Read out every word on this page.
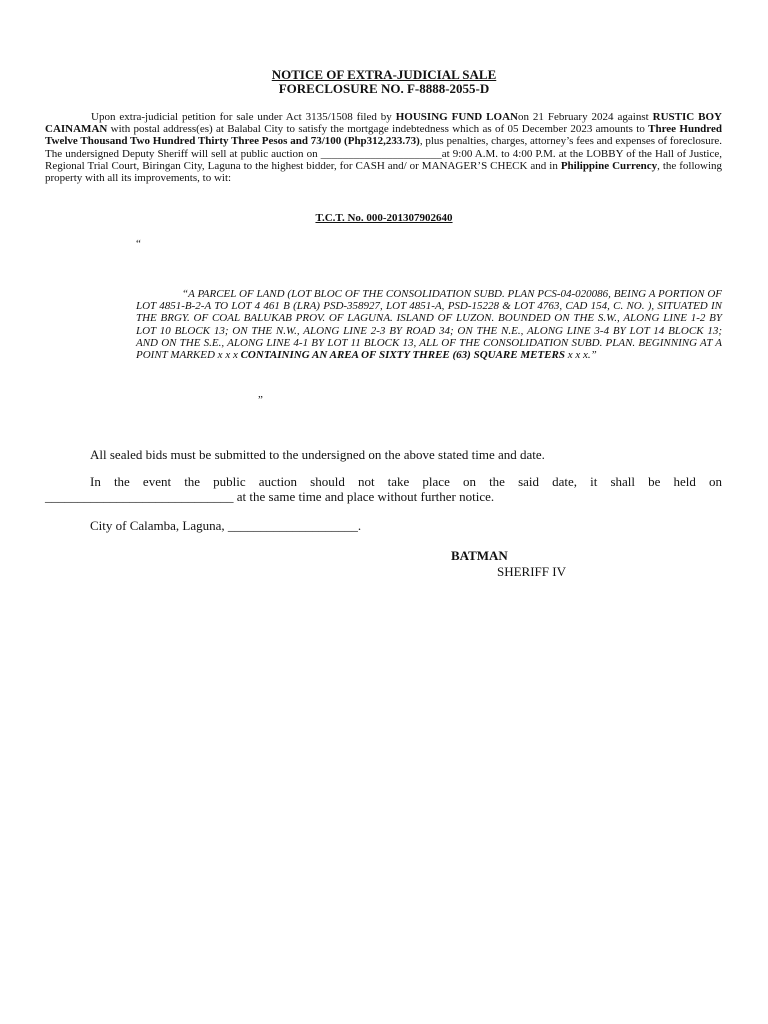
NOTICE OF EXTRA-JUDICIAL SALE
FORECLOSURE NO. F-8888-2055-D
Upon extra-judicial petition for sale under Act 3135/1508 filed by HOUSING FUND LOANon 21 February 2024 against RUSTIC BOY CAINAMAN with postal address(es) at Balabal City to satisfy the mortgage indebtedness which as of 05 December 2023 amounts to Three Hundred Twelve Thousand Two Hundred Thirty Three Pesos and 73/100 (Php312,233.73), plus penalties, charges, attorney’s fees and expenses of foreclosure. The undersigned Deputy Sheriff will sell at public auction on ______________________at 9:00 A.M. to 4:00 P.M. at the LOBBY of the Hall of Justice, Regional Trial Court, Biringan City, Laguna to the highest bidder, for CASH and/ or MANAGER’S CHECK and in Philippine Currency, the following property with all its improvements, to wit:
T.C.T. No. 000-201307902640
“
“A PARCEL OF LAND (LOT BLOC OF THE CONSOLIDATION SUBD. PLAN PCS-04-020086, BEING A PORTION OF LOT 4851-B-2-A TO LOT 4 461 B (LRA) PSD-358927, LOT 4851-A, PSD-15228 & LOT 4763, CAD 154, C. NO. ), SITUATED IN THE BRGY. OF COAL BALUKAB PROV. OF LAGUNA. ISLAND OF LUZON. BOUNDED ON THE S.W., ALONG LINE 1-2 BY LOT 10 BLOCK 13; ON THE N.W., ALONG LINE 2-3 BY ROAD 34; ON THE N.E., ALONG LINE 3-4 BY LOT 14 BLOCK 13; AND ON THE S.E., ALONG LINE 4-1 BY LOT 11 BLOCK 13, ALL OF THE CONSOLIDATION SUBD. PLAN. BEGINNING AT A POINT MARKED x x x CONTAINING AN AREA OF SIXTY THREE (63) SQUARE METERS x x x.”
„
All sealed bids must be submitted to the undersigned on the above stated time and date.
In the event the public auction should not take place on the said date, it shall be held on _____________________________ at the same time and place without further notice.
City of Calamba, Laguna, ____________________.
BATMAN
SHERIFF IV
